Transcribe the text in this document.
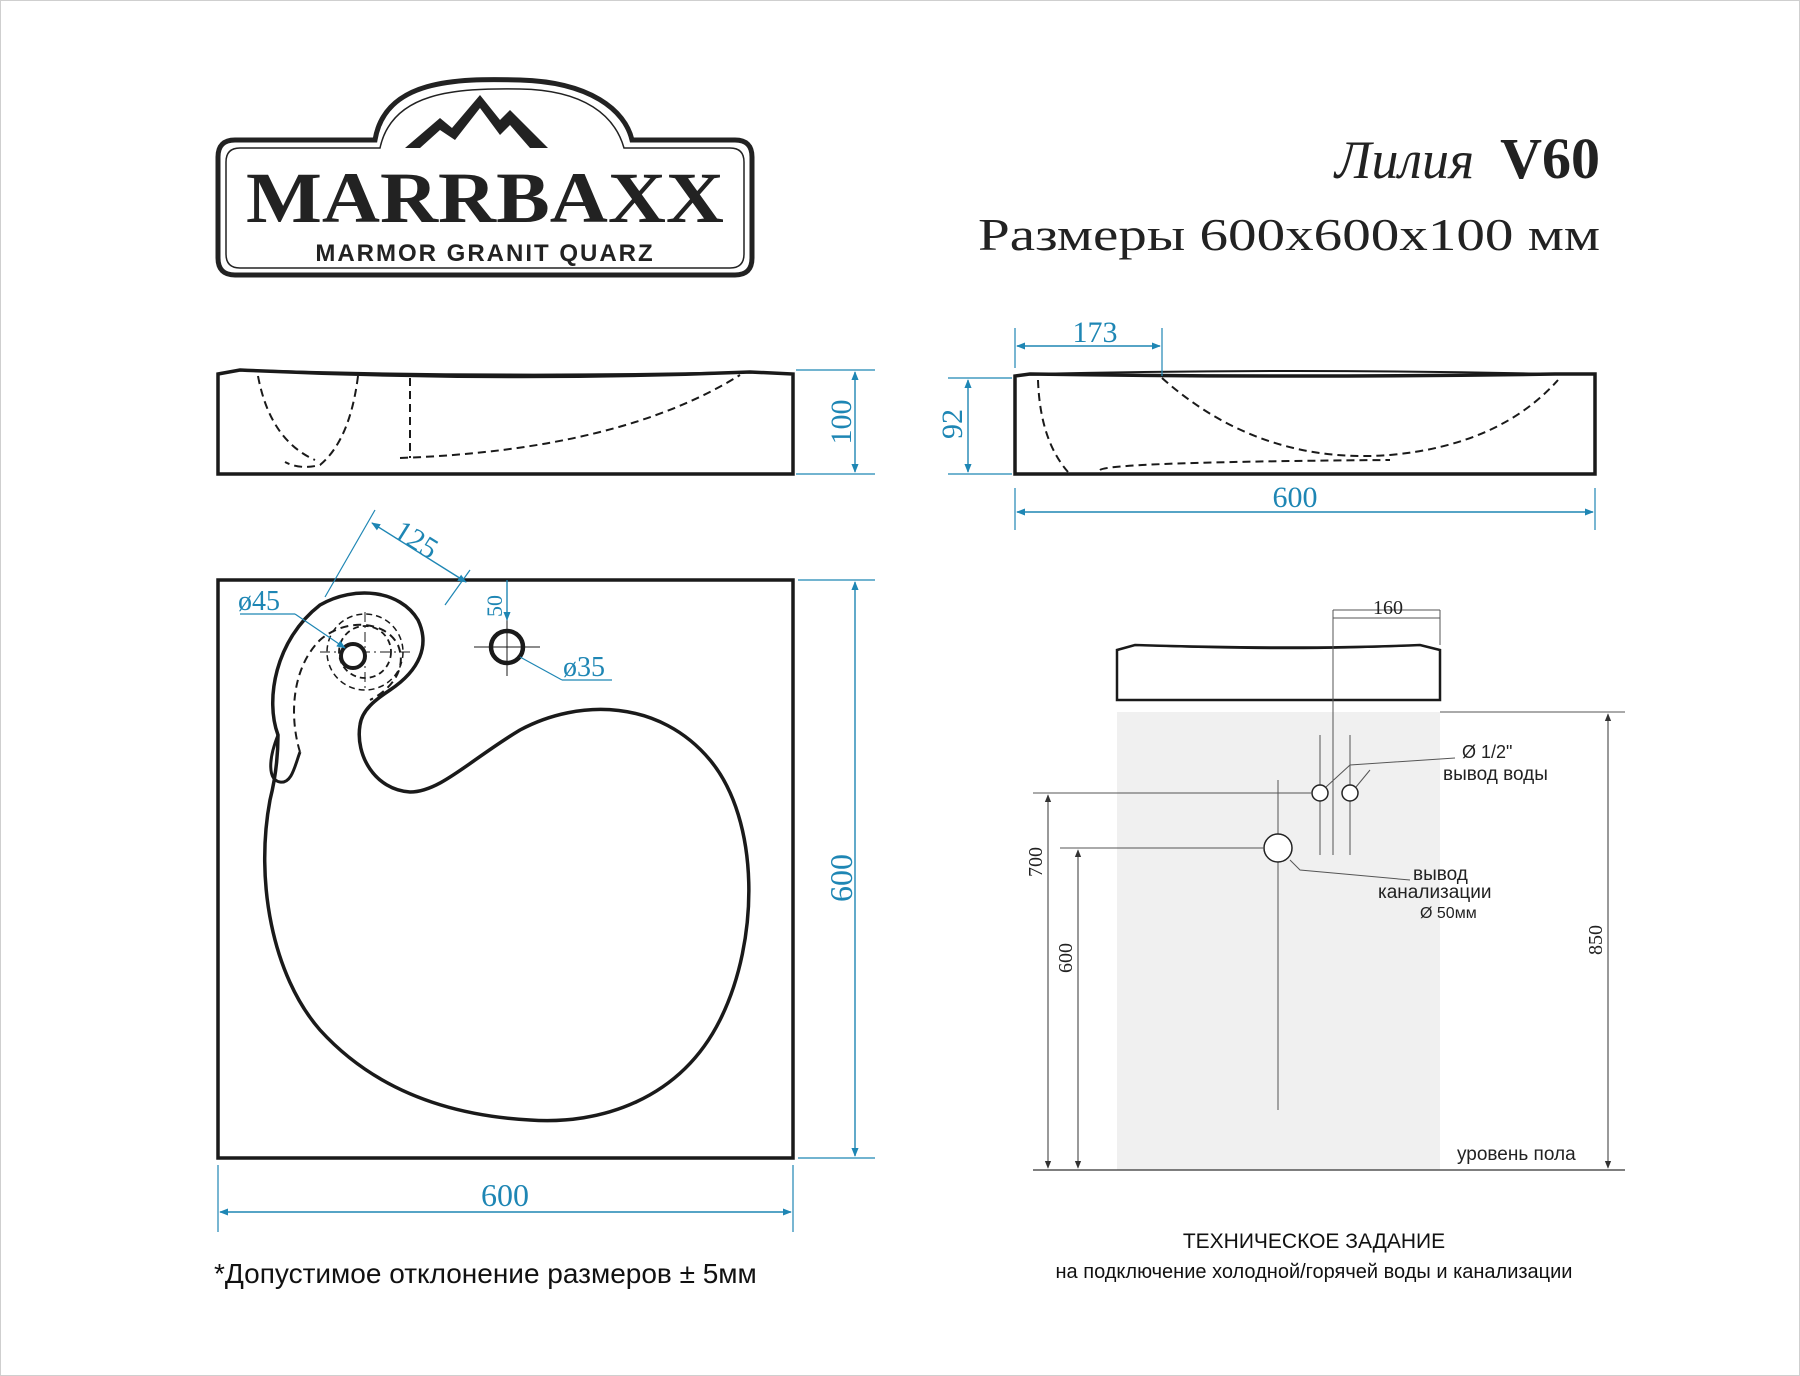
MARRBAXX
MARMOR GRANIT QUARZ
Лилия V60
Размеры 600х600х100 мм
100
173
92
600
125
50
ø45
ø35
600
600
*Допустимое отклонение размеров ± 5мм
160
Ø 1/2"
вывод воды
вывод
канализации
Ø 50мм
700
600
850
уровень пола
ТЕХНИЧЕСКОЕ ЗАДАНИЕ
на подключение холодной/горячей воды и канализации
